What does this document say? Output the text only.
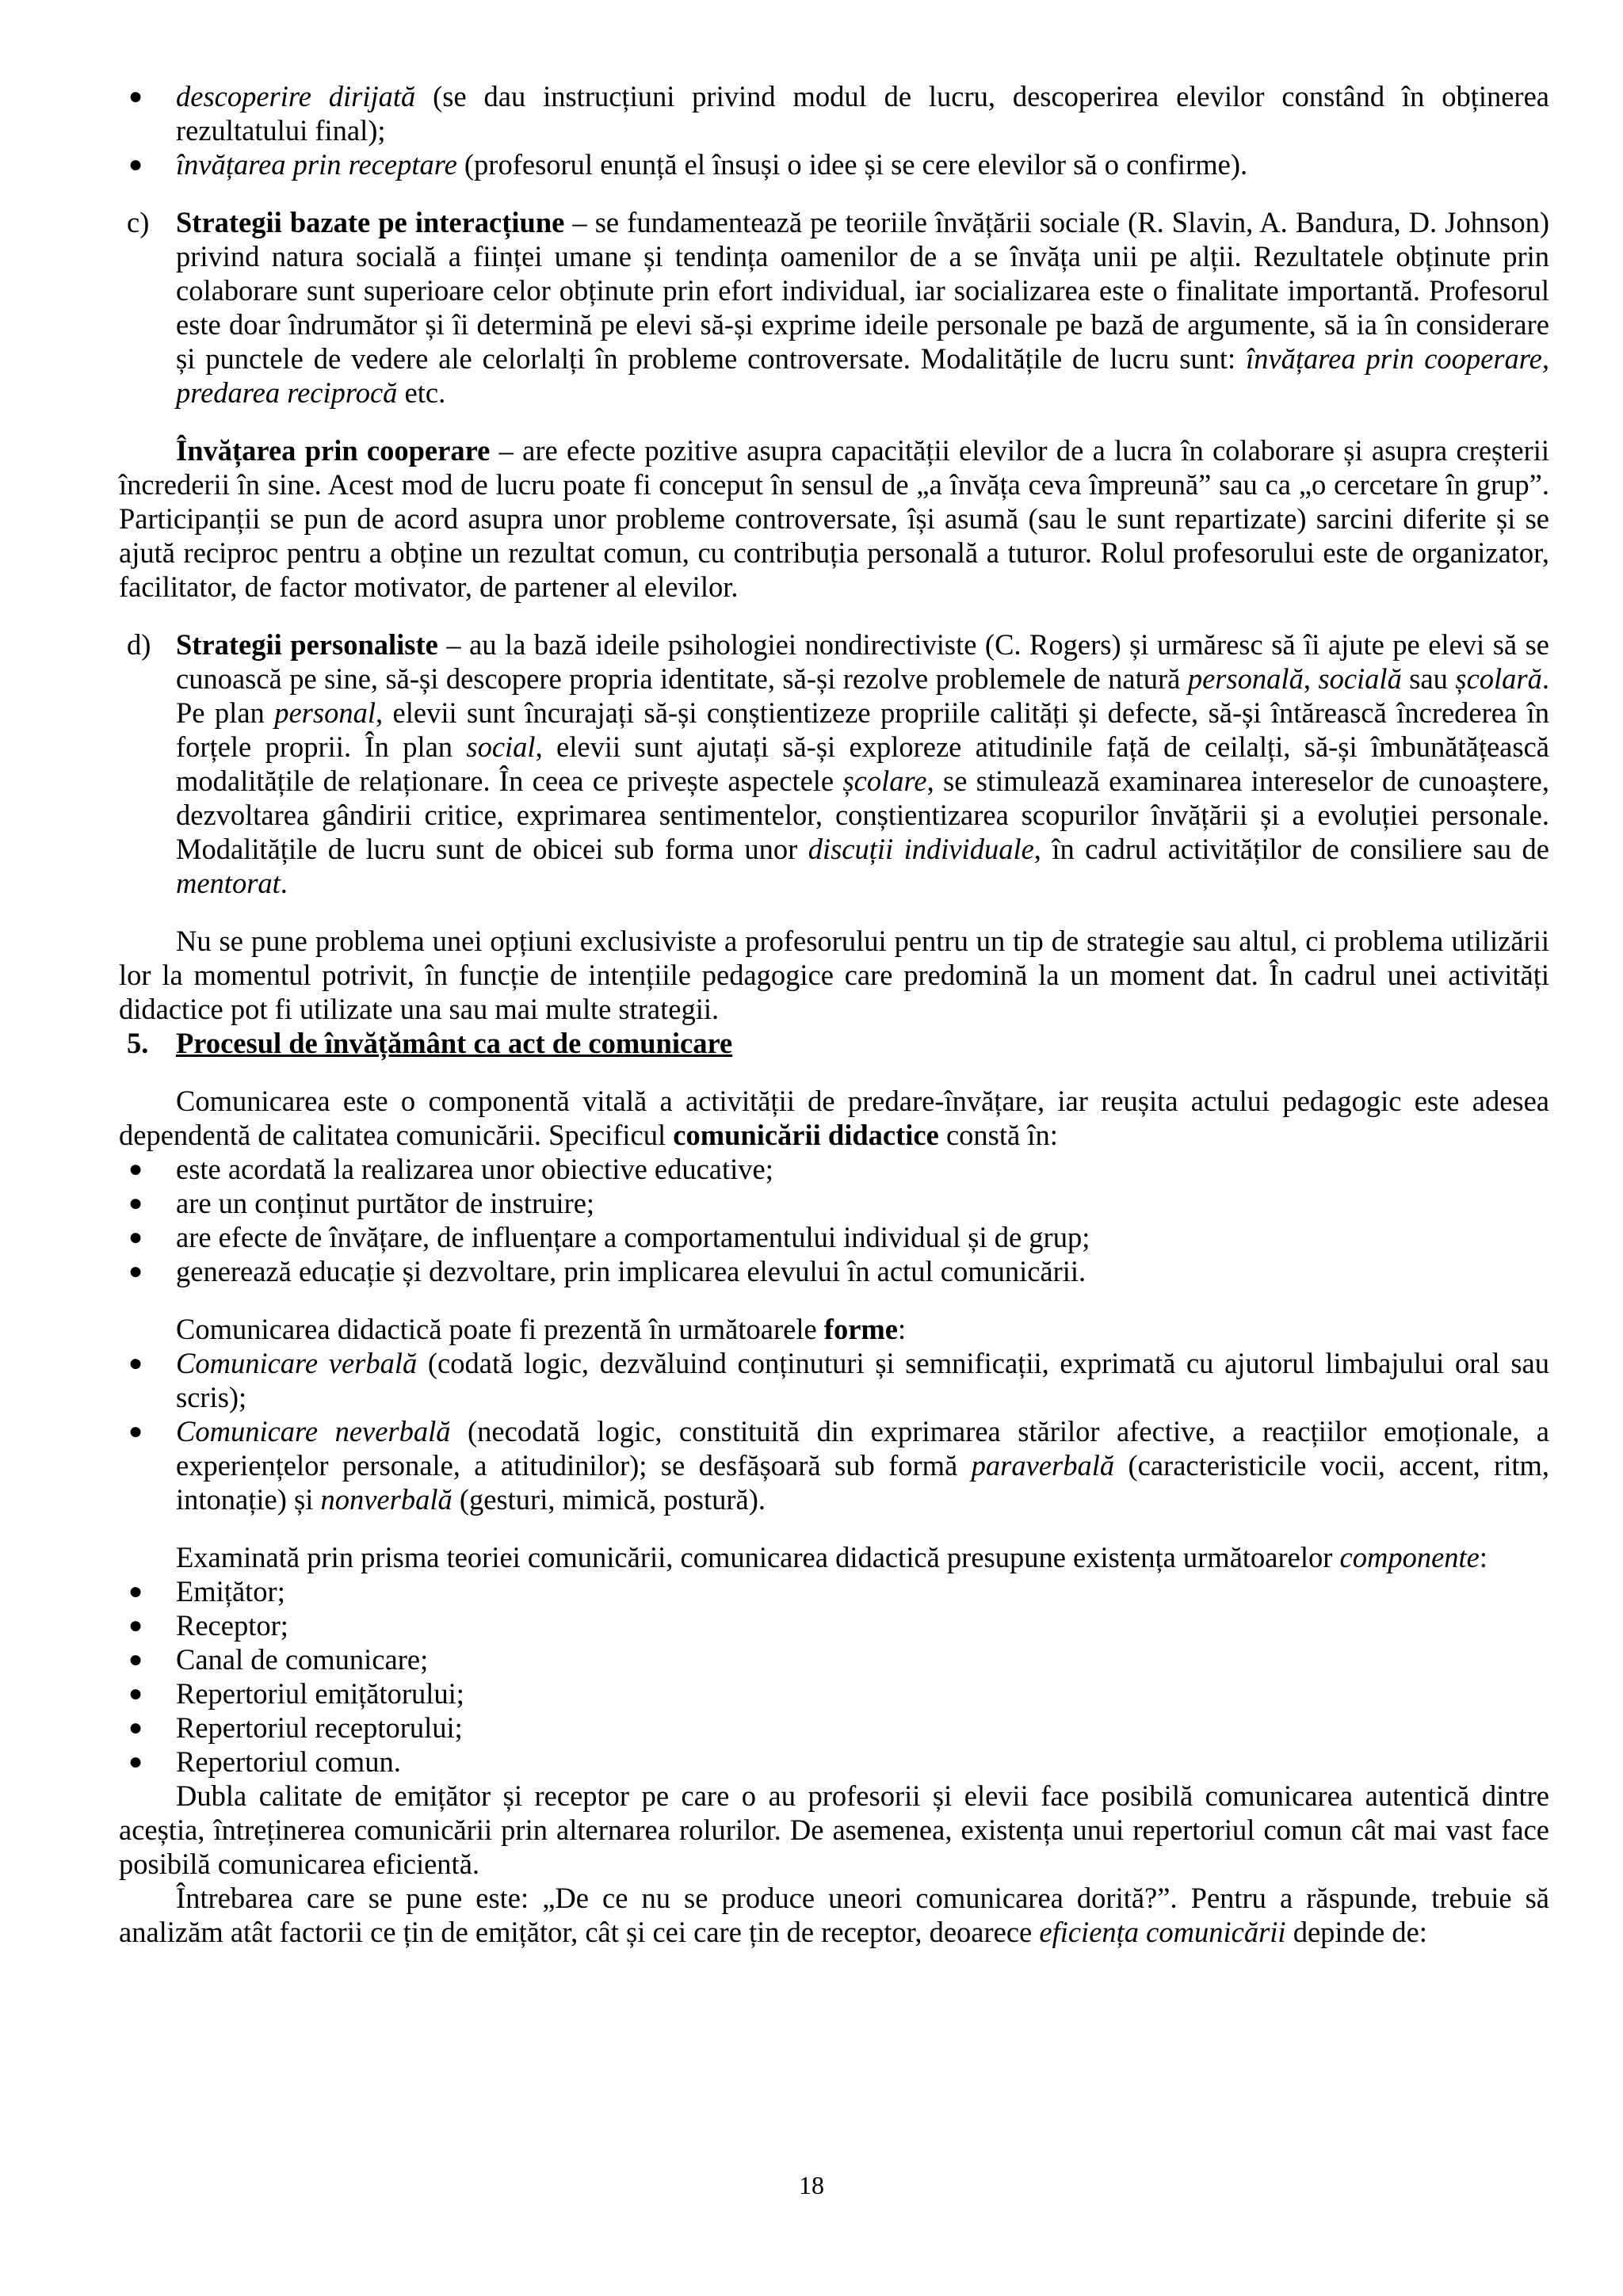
● descoperire dirijată (se dau instrucțiuni privind modul de lucru, descoperirea elevilor constând în obținerea rezultatului final);
● învățarea prin receptare (profesorul enunță el însuși o idee și se cere elevilor să o confirme).

c) Strategii bazate pe interacțiune – se fundamentează pe teoriile învățării sociale (R. Slavin, A. Bandura, D. Johnson) privind natura socială a ființei umane și tendința oamenilor de a se învăța unii pe alții. Rezultatele obținute prin colaborare sunt superioare celor obținute prin efort individual, iar socializarea este o finalitate importantă. Profesorul este doar îndrumător și îi determină pe elevi să-și exprime ideile personale pe bază de argumente, să ia în considerare și punctele de vedere ale celorlalți în probleme controversate. Modalitățile de lucru sunt: învățarea prin cooperare, predarea reciprocă etc.

Învățarea prin cooperare – are efecte pozitive asupra capacității elevilor de a lucra în colaborare și asupra creșterii încrederii în sine. Acest mod de lucru poate fi conceput în sensul de „a învăța ceva împreună” sau ca „o cercetare în grup”. Participanții se pun de acord asupra unor probleme controversate, își asumă (sau le sunt repartizate) sarcini diferite și se ajută reciproc pentru a obține un rezultat comun, cu contribuția personală a tuturor. Rolul profesorului este de organizator, facilitator, de factor motivator, de partener al elevilor.

d) Strategii personaliste – au la bază ideile psihologiei nondirectiviste (C. Rogers) și urmăresc să îi ajute pe elevi să se cunoască pe sine, să-și descopere propria identitate, să-și rezolve problemele de natură personală, socială sau școlară. Pe plan personal, elevii sunt încurajați să-și conștientizeze propriile calități și defecte, să-și întărească încrederea în forțele proprii. În plan social, elevii sunt ajutați să-și exploreze atitudinile față de ceilalți, să-și îmbunătățească modalitățile de relaționare. În ceea ce privește aspectele școlare, se stimulează examinarea intereselor de cunoaștere, dezvoltarea gândirii critice, exprimarea sentimentelor, conștientizarea scopurilor învățării și a evoluției personale. Modalitățile de lucru sunt de obicei sub forma unor discuții individuale, în cadrul activităților de consiliere sau de mentorat.

Nu se pune problema unei opțiuni exclusiviste a profesorului pentru un tip de strategie sau altul, ci problema utilizării lor la momentul potrivit, în funcție de intențiile pedagogice care predomină la un moment dat. În cadrul unei activități didactice pot fi utilizate una sau mai multe strategii.

5. Procesul de învățământ ca act de comunicare

Comunicarea este o componentă vitală a activității de predare-învățare, iar reușita actului pedagogic este adesea dependentă de calitatea comunicării. Specificul comunicării didactice constă în:

● este acordată la realizarea unor obiective educative;
● are un conținut purtător de instruire;
● are efecte de învățare, de influențare a comportamentului individual și de grup;
● generează educație și dezvoltare, prin implicarea elevului în actul comunicării.

Comunicarea didactică poate fi prezentă în următoarele forme:

● Comunicare verbală (codată logic, dezvăluind conținuturi și semnificații, exprimată cu ajutorul limbajului oral sau scris);
● Comunicare neverbală (necodată logic, constituită din exprimarea stărilor afective, a reacțiilor emoționale, a experiențelor personale, a atitudinilor); se desfășoară sub formă paraverbală (caracteristicile vocii, accent, ritm, intonație) și nonverbală (gesturi, mimică, postură).

Examinată prin prisma teoriei comunicării, comunicarea didactică presupune existența următoarelor componente:

● Emițător;
● Receptor;
● Canal de comunicare;
● Repertoriul emițătorului;
● Repertoriul receptorului;
● Repertoriul comun.

Dubla calitate de emițător și receptor pe care o au profesorii și elevii face posibilă comunicarea autentică dintre aceștia, întreținerea comunicării prin alternarea rolurilor. De asemenea, existența unui repertoriul comun cât mai vast face posibilă comunicarea eficientă.

Întrebarea care se pune este: „De ce nu se produce uneori comunicarea dorită?”. Pentru a răspunde, trebuie să analizăm atât factorii ce țin de emițător, cât și cei care țin de receptor, deoarece eficiența comunicării depinde de:

18
